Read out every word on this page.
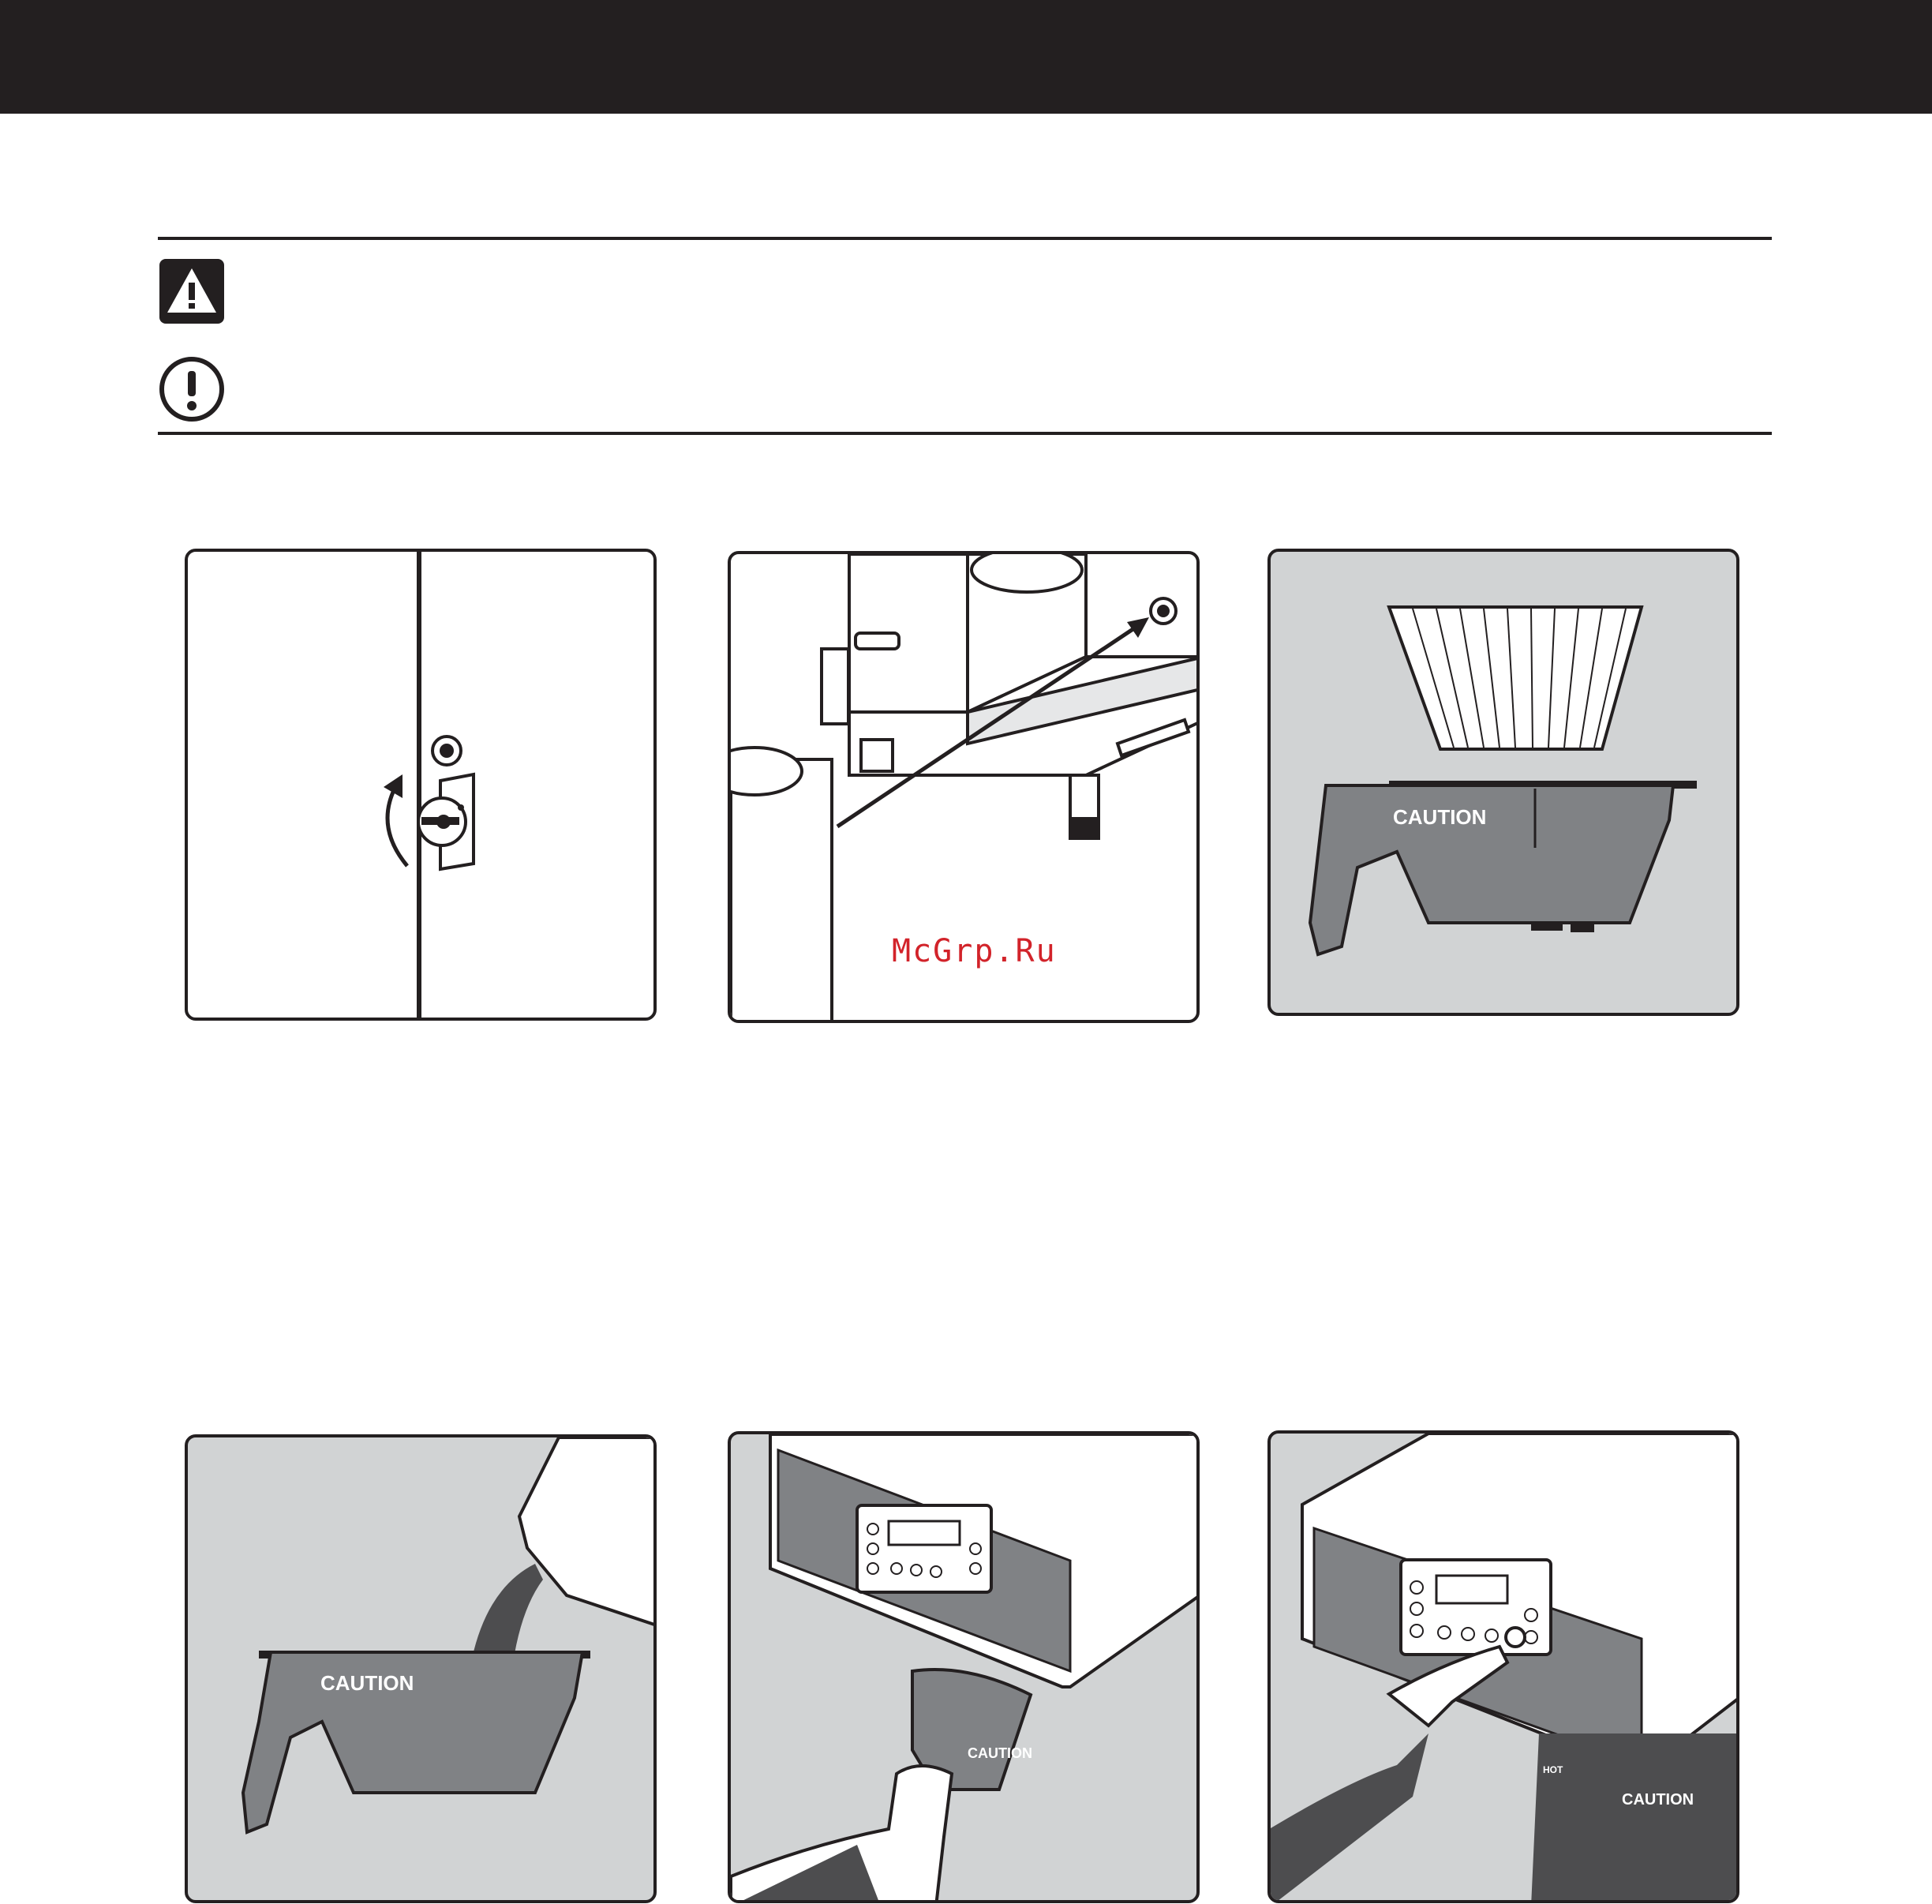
McGrp.Ru
CAUTION
CAUTION
CAUTION
CAUTION
HOT
